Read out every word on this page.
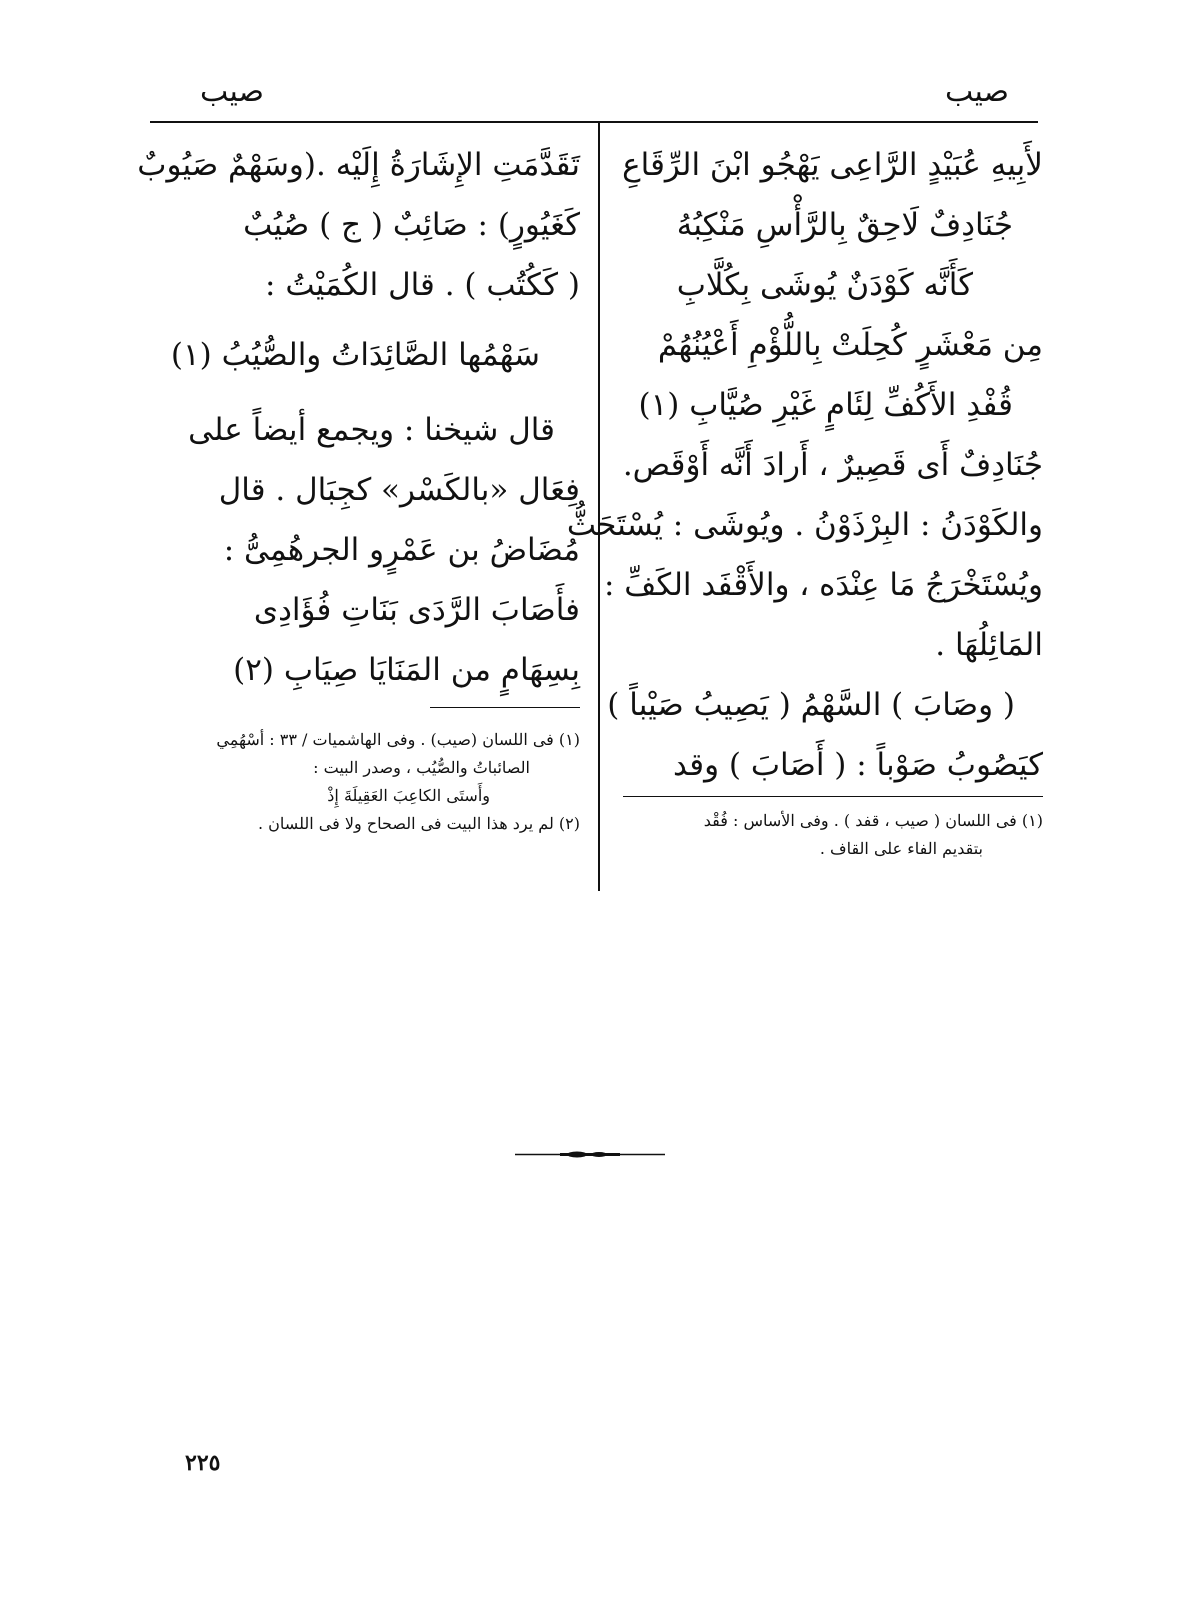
صيب	صيب
لأَبِيهِ عُبَيْدٍ الرَّاعِى يَهْجُو ابْنَ الرِّقَاعِ
جُنَادِفٌ لَاحِقٌ بِالرَّأْسِ مَنْكِبُهُ
كَأَنَّه كَوْدَنٌ يُوشَى بِكُلَّابِ
مِن مَعْشَرٍ كُحِلَتْ بِاللُّؤْمِ أَعْيُنُهُمْ
قُفْدِ الأَكُفِّ لِئَامٍ غَيْرِ صُيَّابِ (١)
جُنَادِفٌ أَى قَصِيرٌ ، أَرادَ أَنَّه أَوْقَص.
والكَوْدَنُ : البِرْذَوْنُ . ويُوشَى : يُسْتَحَثُّ
ويُسْتَخْرَجُ مَا عِنْدَه ، والأَقْفَد الكَفِّ :
المَائِلُهَا .
( وصَابَ ) السَّهْمُ ( يَصِيبُ صَيْباً )
كيَصُوبُ صَوْباً : ( أَصَابَ ) وقد
(١) فى اللسان ( صيب ، قفد ) . وفى الأساس : فُقْد
بتقديم الفاء على القاف .
تَقَدَّمَتِ الإِشَارَةُ إِلَيْه .(وسَهْمٌ صَيُوبٌ
كَغَيُورٍ) : صَائِبٌ ( ج ) صُيُبٌ
( كَكُتُب ) . قال الكُمَيْتُ :
سَهْمُها الصَّائِدَاتُ والصُّيُبُ (١)
قال شيخنا : ويجمع أيضاً على
فِعَال «بالكَسْر» كجِبَال . قال
مُضَاضُ بن عَمْرٍو الجرهُمِىُّ :
فأَصَابَ الرَّدَى بَنَاتِ فُؤَادِى
بِسِهَامٍ من المَنَايَا صِيَابِ (٢)
(١) فى اللسان (صيب) . وفى الهاشميات / ٣٣ : أسْهُمِي
الصائباتُ والصُّيُب ، وصدر البيت :
وأَستَى الكاعِبَ العَقِيلَةَ إِذْ
(٢) لم يرد هذا البيت فى الصحاح ولا فى اللسان .
٢٢٥
